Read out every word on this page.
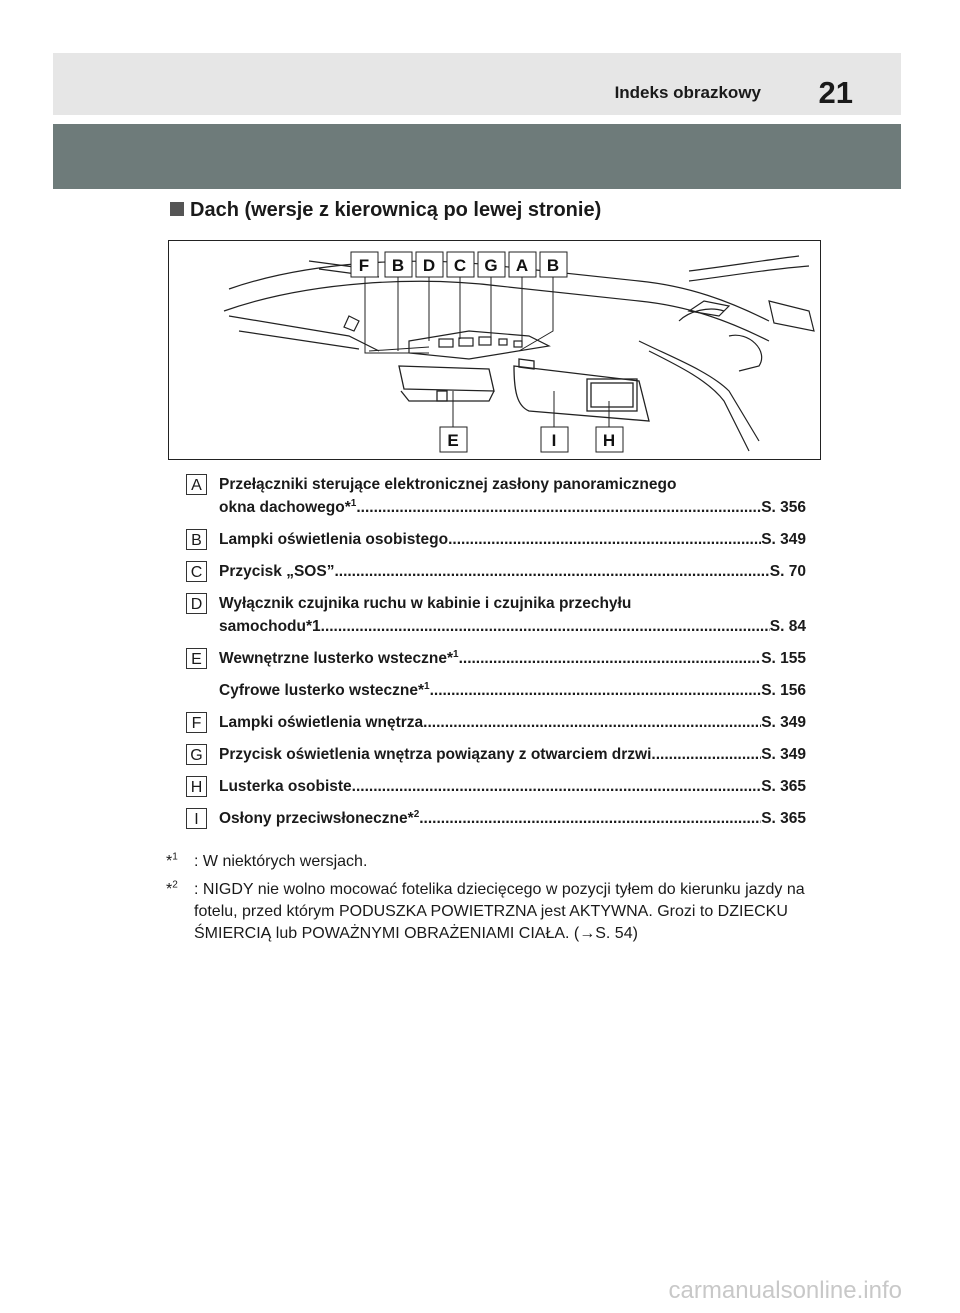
Indeks obrazkowy 21
Dach (wersje z kierownicą po lewej stronie)
F B D C G A B
E	I	H
A	Przełączniki sterujące elektronicznej zasłony panoramicznego
okna dachowego*$^1$ .....	S. 356
B	Lampki oświetlenia osobistego .....	S. 349
C	Przycisk „SOS” .....	S. 70
D	Wyłącznik czujnika ruchu w kabinie i czujnika przechyłu
samochodu*1 .....	S. 84
E	Wewnętrzne lusterko wsteczne*$^1$ .....	S. 155
Cyfrowe lusterko wsteczne*$^1$ .....	S. 156
F	Lampki oświetlenia wnętrza .....	S. 349
G Przycisk oświetlenia wnętrza powiązany z otwarciem drzwi .....	S. 349
H	Lusterka osobiste .....	S. 365
I	Osłony przeciwsłoneczne*$^2$ .....	S. 365
*$^1$ : W niektórych wersjach.
*$^2$ : NIGDY nie wolno mocować fotelika dziecięcego w pozycji tyłem do kierunku jazdy na fotelu, przed którym PODUSZKA POWIETRZNA jest AKTYWNA. Grozi to DZIECKU ŚMIERCIĄ lub POWAŻNYMI OBRAŻENIAMI CIAŁA. (→S. 54)
carmanualsonline.info
